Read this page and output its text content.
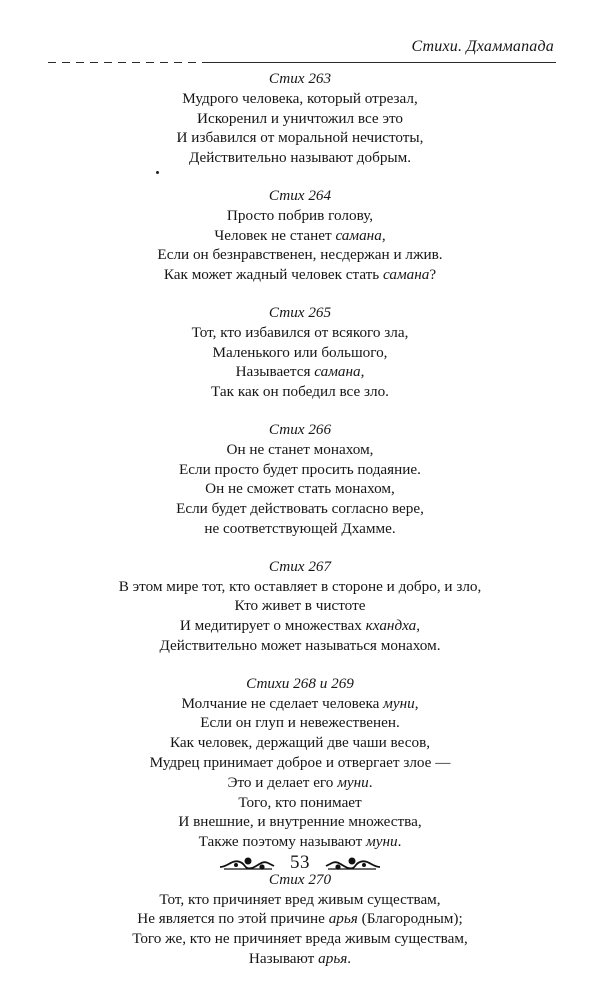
Стихи. Дхаммапада
Стих 263
Мудрого человека, который отрезал,
Искоренил и уничтожил все это
И избавился от моральной нечистоты,
Действительно называют добрым.
Стих 264
Просто побрив голову,
Человек не станет самана,
Если он безнравственен, несдержан и лжив.
Как может жадный человек стать самана?
Стих 265
Тот, кто избавился от всякого зла,
Маленького или большого,
Называется самана,
Так как он победил все зло.
Стих 266
Он не станет монахом,
Если просто будет просить подаяние.
Он не сможет стать монахом,
Если будет действовать согласно вере,
не соответствующей Дхамме.
Стих 267
В этом мире тот, кто оставляет в стороне и добро, и зло,
Кто живет в чистоте
И медитирует о множествах кхандха,
Действительно может называться монахом.
Стихи 268 и 269
Молчание не сделает человека муни,
Если он глуп и невежественен.
Как человек, держащий две чаши весов,
Мудрец принимает доброе и отвергает злое —
Это и делает его муни.
Того, кто понимает
И внешние, и внутренние множества,
Также поэтому называют муни.
Стих 270
Тот, кто причиняет вред живым существам,
Не является по этой причине арья (Благородным);
Того же, кто не причиняет вреда живым существам,
Называют арья.
53
